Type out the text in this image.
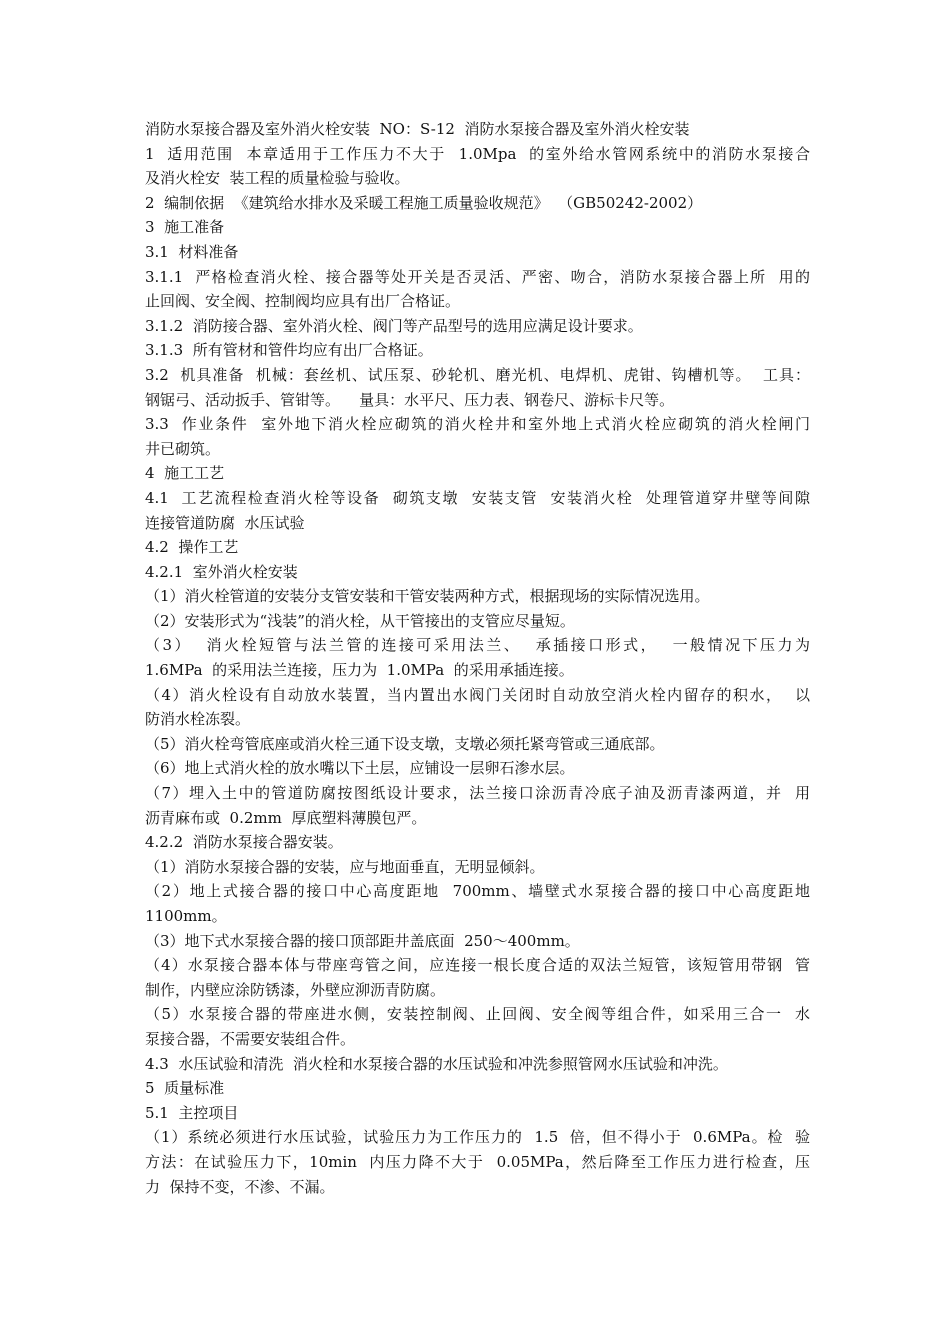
消防水泵接合器及室外消火栓安装  NO：S-12  消防水泵接合器及室外消火栓安装
1  适用范围  本章适用于工作压力不大于  1.0Mpa  的室外给水管网系统中的消防水泵接合
及消火栓安  装工程的质量检验与验收。
2  编制依据  《建筑给水排水及采暖工程施工质量验收规范》  （GB50242-2002）
3  施工准备
3.1  材料准备
3.1.1  严格检查消火栓、接合器等处开关是否灵活、严密、吻合，消防水泵接合器上所  用的
止回阀、安全阀、控制阀均应具有出厂合格证。
3.1.2  消防接合器、室外消火栓、阀门等产品型号的选用应满足设计要求。
3.1.3  所有管材和管件均应有出厂合格证。
3.2  机具准备  机械：套丝机、试压泵、砂轮机、磨光机、电焊机、虎钳、钩槽机等。  工具：
钢锯弓、活动扳手、管钳等。    量具：水平尺、压力表、钢卷尺、游标卡尺等。
3.3  作业条件  室外地下消火栓应砌筑的消火栓井和室外地上式消火栓应砌筑的消火栓闸门
井已砌筑。
4  施工工艺
4.1  工艺流程检查消火栓等设备  砌筑支墩  安装支管  安装消火栓  处理管道穿井壁等间隙
连接管道防腐  水压试验
4.2  操作工艺
4.2.1  室外消火栓安装
（1）消火栓管道的安装分支管安装和干管安装两种方式，根据现场的实际情况选用。
（2）安装形式为“浅装”的消火栓，从干管接出的支管应尽量短。
（3）  消火栓短管与法兰管的连接可采用法兰、  承插接口形式，  一般情况下压力为
1.6MPa  的采用法兰连接，压力为  1.0MPa  的采用承插连接。
（4）消火栓设有自动放水装置，当内置出水阀门关闭时自动放空消火栓内留存的积水，  以
防消水栓冻裂。
（5）消火栓弯管底座或消火栓三通下设支墩，支墩必须托紧弯管或三通底部。
（6）地上式消火栓的放水嘴以下土层，应铺设一层卵石渗水层。
（7）埋入土中的管道防腐按图纸设计要求，法兰接口涂沥青冷底子油及沥青漆两道，并  用
沥青麻布或  0.2mm  厚底塑料薄膜包严。
4.2.2  消防水泵接合器安装。
（1）消防水泵接合器的安装，应与地面垂直，无明显倾斜。
（2）地上式接合器的接口中心高度距地  700mm、墙壁式水泵接合器的接口中心高度距地
1100mm。
（3）地下式水泵接合器的接口顶部距井盖底面  250～400mm。
（4）水泵接合器本体与带座弯管之间，应连接一根长度合适的双法兰短管，该短管用带钢  管
制作，内壁应涂防锈漆，外壁应泖沥青防腐。
（5）水泵接合器的带座进水侧，安装控制阀、止回阀、安全阀等组合件，如采用三合一  水
泵接合器，不需要安装组合件。
4.3  水压试验和清洗  消火栓和水泵接合器的水压试验和冲洗参照管网水压试验和冲洗。
5  质量标准
5.1  主控项目
（1）系统必须进行水压试验，试验压力为工作压力的  1.5  倍，但不得小于  0.6MPa。检  验
方法：在试验压力下，10min  内压力降不大于  0.05MPa，然后降至工作压力进行检查，压
力  保持不变，不渗、不漏。
